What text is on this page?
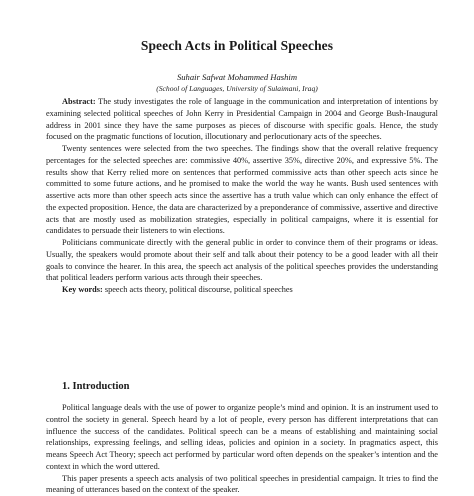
Speech Acts in Political Speeches
Suhair Safwat Mohammed Hashim
(School of Languages, University of Sulaimani, Iraq)

Abstract: The study investigates the role of language in the communication and interpretation of intentions by examining selected political speeches of John Kerry in Presidential Campaign in 2004 and George Bush-Inaugural address in 2001 since they have the same purposes as pieces of discourse with specific goals. Hence, the study focused on the pragmatic functions of locution, illocutionary and perlocutionary acts of the speeches.

Twenty sentences were selected from the two speeches. The findings show that the overall relative frequency percentages for the selected speeches are: commissive 40%, assertive 35%, directive 20%, and expressive 5%. The results show that Kerry relied more on sentences that performed commissive acts than other speech acts since he committed to some future actions, and he promised to make the world the way he wants. Bush used sentences with assertive acts more than other speech acts since the assertive has a truth value which can only enhance the effect of the expected proposition. Hence, the data are characterized by a preponderance of commissive, assertive and directive acts that are mostly used as mobilization strategies, especially in political campaigns, where it is essential for candidates to persuade their listeners to win elections.

Politicians communicate directly with the general public in order to convince them of their programs or ideas. Usually, the speakers would promote about their self and talk about their potency to be a good leader with all their goals to convince the hearer. In this area, the speech act analysis of the political speeches provides the understanding that political leaders perform various acts through their speeches.

Key words: speech acts theory, political discourse, political speeches

1. Introduction

Political language deals with the use of power to organize people’s mind and opinion. It is an instrument used to control the society in general. Speech heard by a lot of people, every person has different interpretations that can influence the success of the candidates. Political speech can be a means of establishing and maintaining social relationships, expressing feelings, and selling ideas, policies and opinion in a society. In pragmatics aspect, this means Speech Act Theory; speech act performed by particular word often depends on the speaker’s intention and the context in which the word uttered.

This paper presents a speech acts analysis of two political speeches in presidential campaign. It tries to find the meaning of utterances based on the context of the speaker.
